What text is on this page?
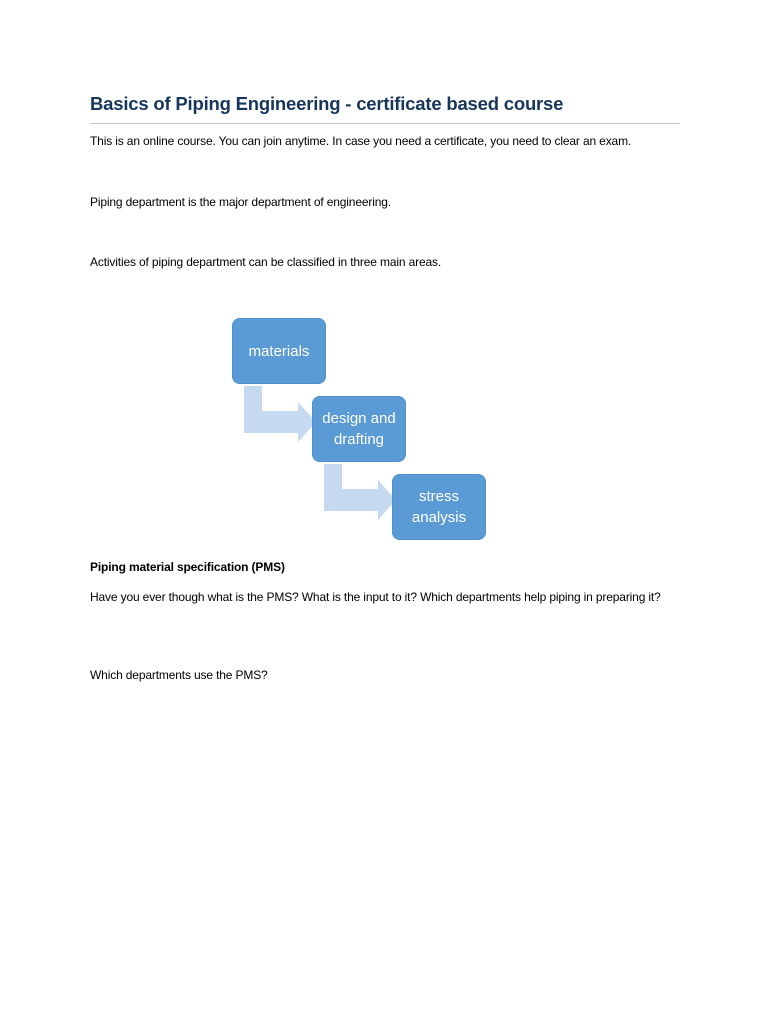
Basics of Piping Engineering - certificate based course
This is an online course. You can join anytime. In case you need a certificate, you need to clear an exam.
Piping department is the major department of engineering.
Activities of piping department can be classified in three main areas.
materials
design and drafting
stress analysis
Piping material specification (PMS)
Have you ever though what is the PMS? What is the input to it? Which departments help piping in preparing it?
Which departments use the PMS?
